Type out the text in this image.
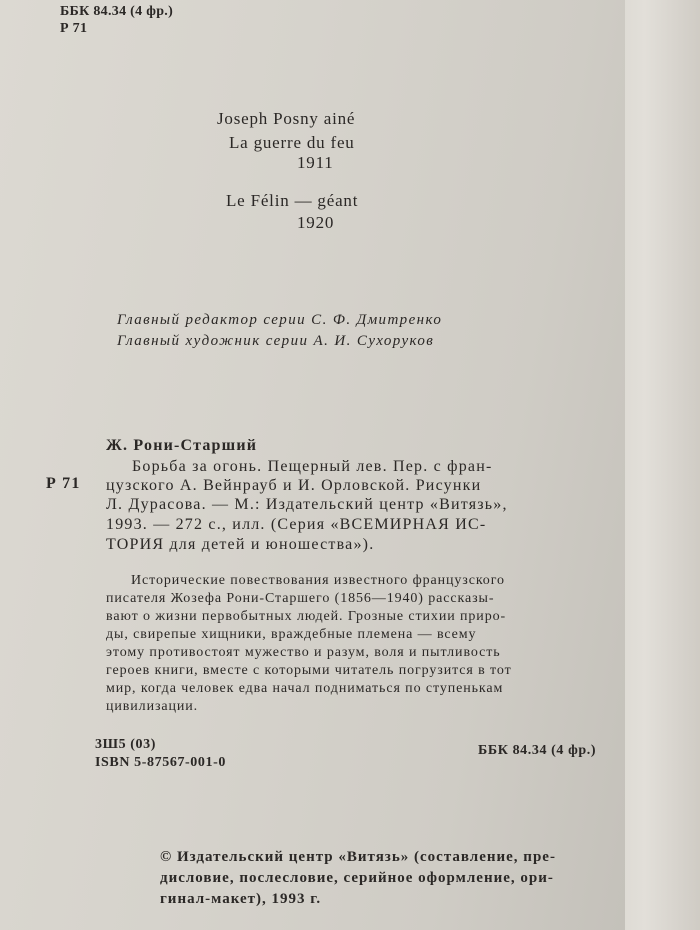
ББК 84.34 (4 фр.)
Р 71
Joseph Posny ainé
La guerre du feu
1911
Le Félin — géant
1920
Главный редактор серии С. Ф. Дмитренко
Главный художник серии А. И. Сухоруков
Р 71
Ж. Рони-Старший
Борьба за огонь. Пещерный лев. Пер. с фран-
цузского А. Вейнрауб и И. Орловской. Рисунки
Л. Дурасова. — М.: Издательский центр «Витязь»,
1993. — 272 с., илл. (Серия «ВСЕМИРНАЯ ИС-
ТОРИЯ для детей и юношества»).
Исторические повествования известного французского
писателя Жозефа Рони-Старшего (1856—1940) рассказы-
вают о жизни первобытных людей. Грозные стихии приро-
ды, свирепые хищники, враждебные племена — всему
этому противостоят мужество и разум, воля и пытливость
героев книги, вместе с которыми читатель погрузится в тот
мир, когда человек едва начал подниматься по ступенькам
цивилизации.
3Ш5 (03)
ISBN 5-87567-001-0
ББК 84.34 (4 фр.)
© Издательский центр «Витязь» (составление, пре-
дисловие, послесловие, серийное оформление, ори-
гинал-макет), 1993 г.
